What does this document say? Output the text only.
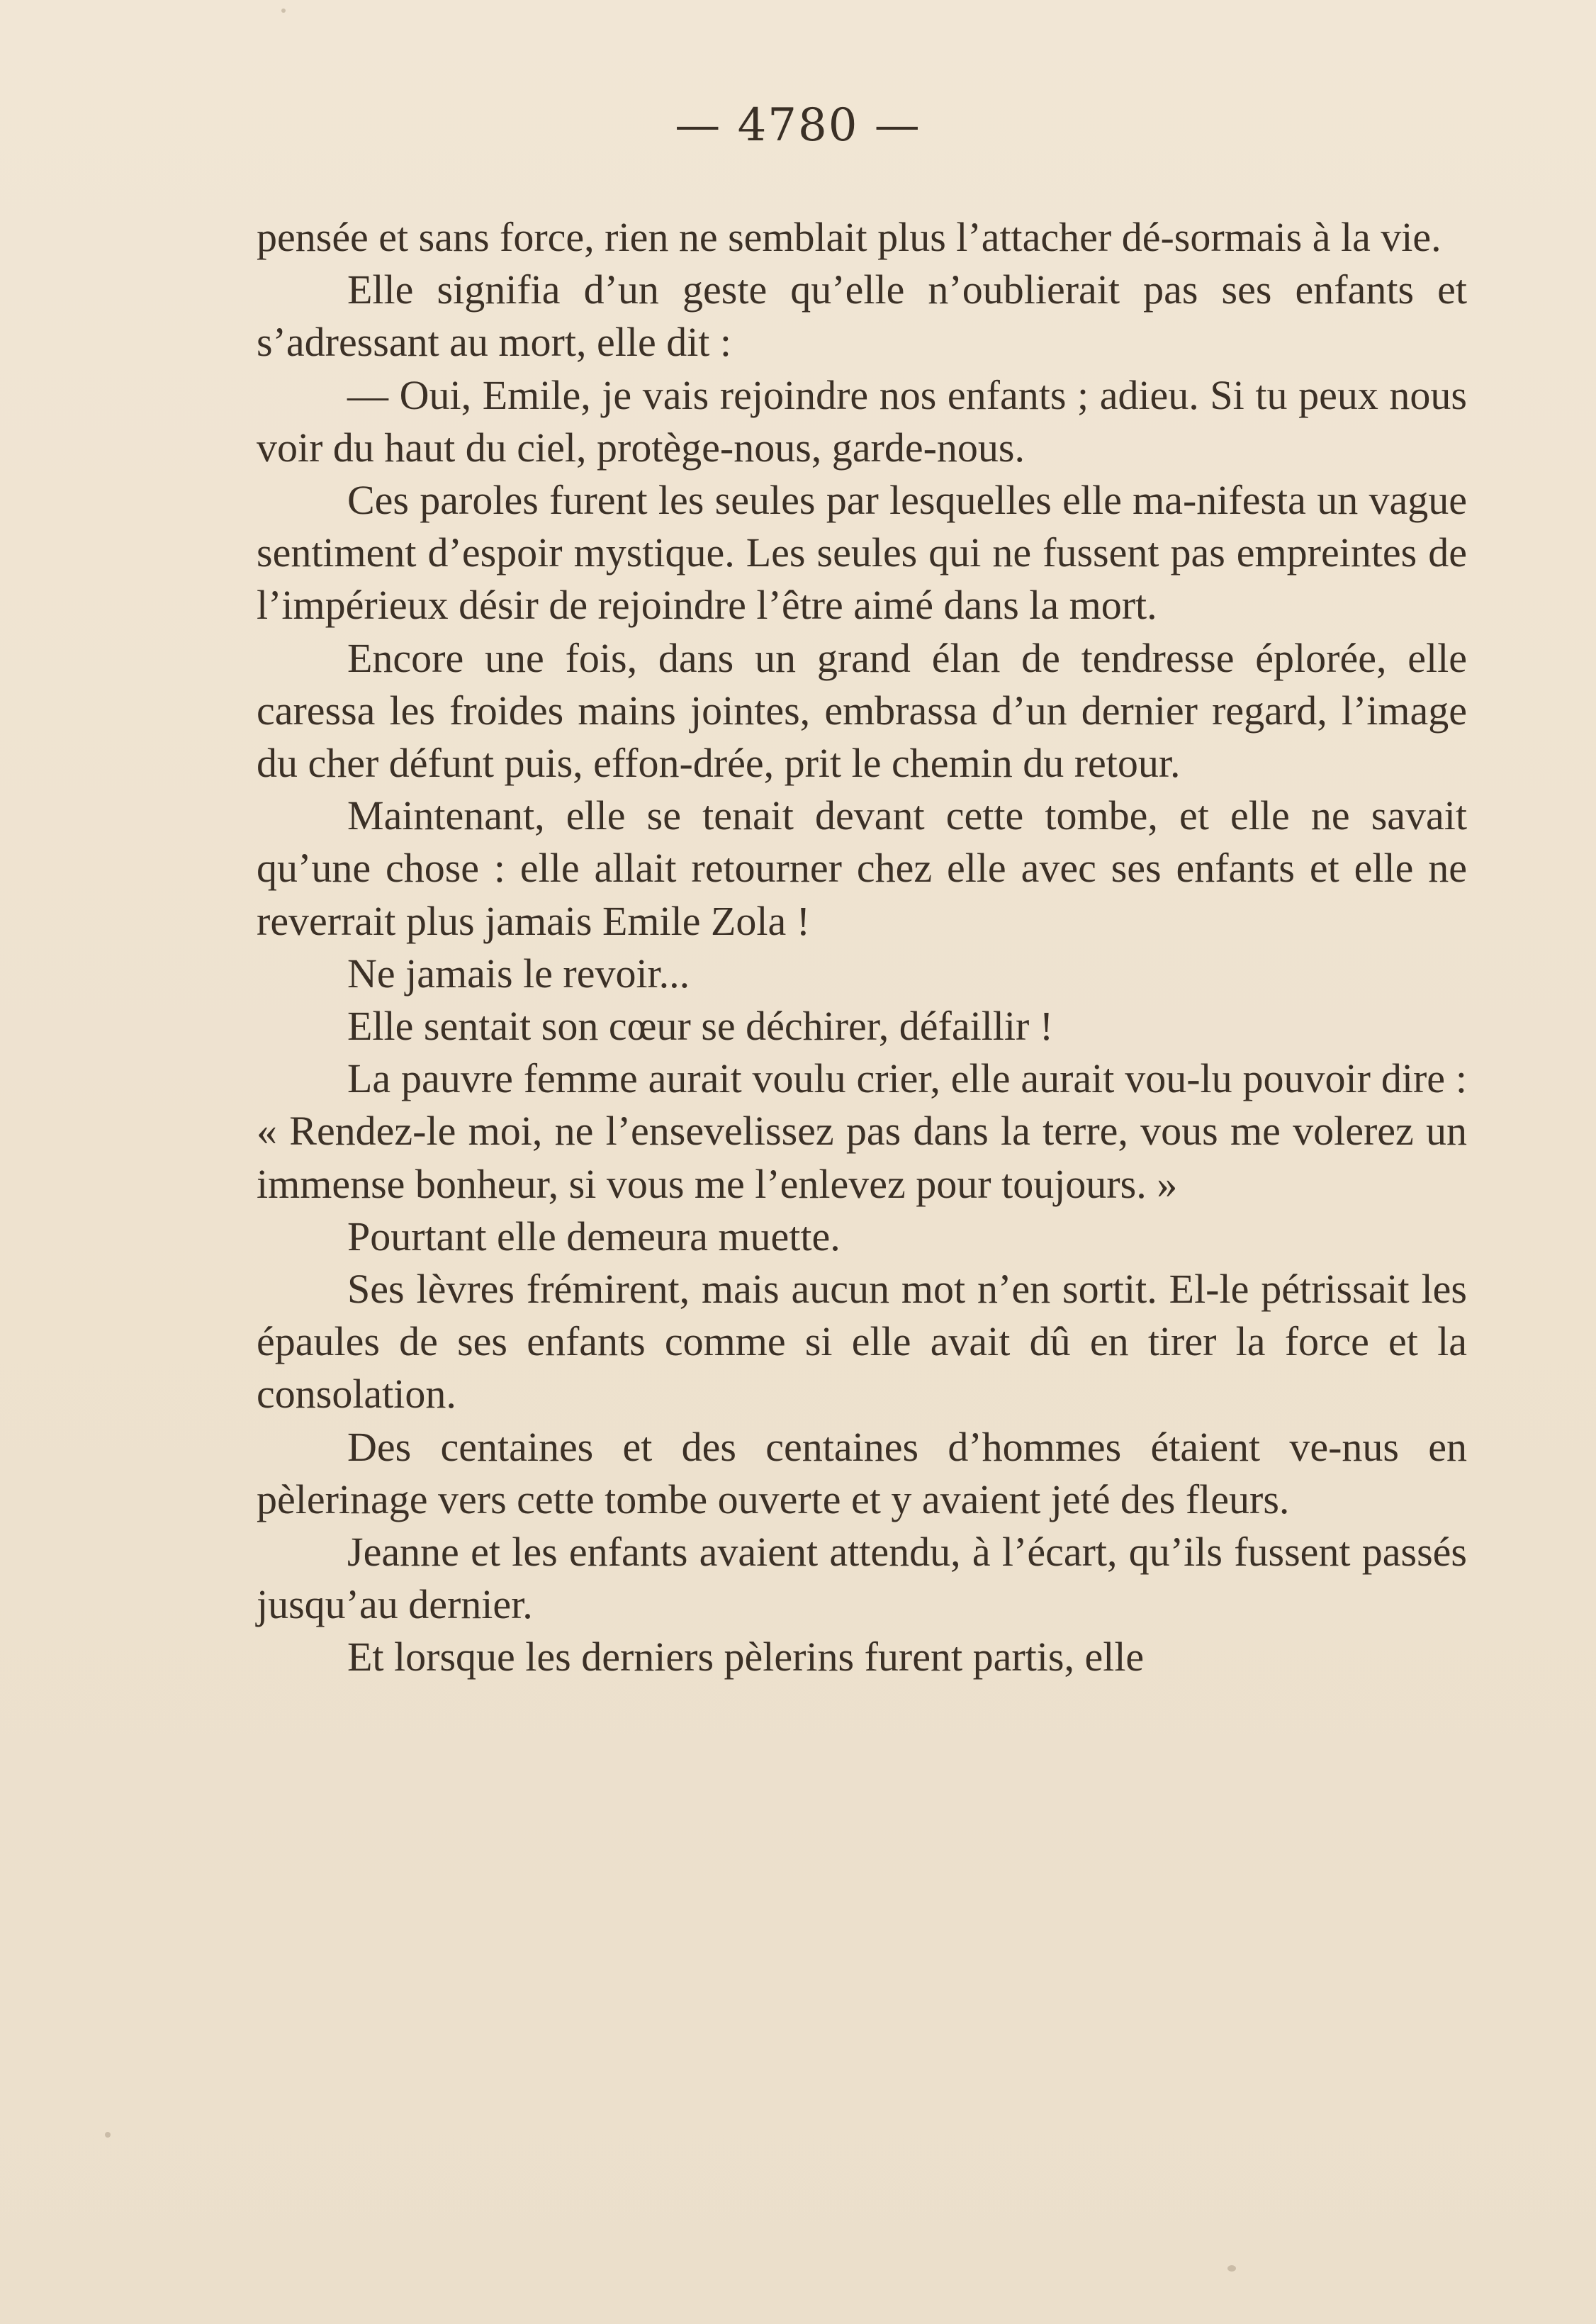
— 4780 —

pensée et sans force, rien ne semblait plus l’attacher dé-sormais à la vie.

Elle signifia d’un geste qu’elle n’oublierait pas ses enfants et s’adressant au mort, elle dit :

— Oui, Emile, je vais rejoindre nos enfants ; adieu. Si tu peux nous voir du haut du ciel, protège-nous, garde-nous.

Ces paroles furent les seules par lesquelles elle ma-nifesta un vague sentiment d’espoir mystique. Les seules qui ne fussent pas empreintes de l’impérieux désir de rejoindre l’être aimé dans la mort.

Encore une fois, dans un grand élan de tendresse éplorée, elle caressa les froides mains jointes, embrassa d’un dernier regard, l’image du cher défunt puis, effon-drée, prit le chemin du retour.

Maintenant, elle se tenait devant cette tombe, et elle ne savait qu’une chose : elle allait retourner chez elle avec ses enfants et elle ne reverrait plus jamais Emile Zola !

Ne jamais le revoir...

Elle sentait son cœur se déchirer, défaillir !

La pauvre femme aurait voulu crier, elle aurait vou-lu pouvoir dire : « Rendez-le moi, ne l’ensevelissez pas dans la terre, vous me volerez un immense bonheur, si vous me l’enlevez pour toujours. »

Pourtant elle demeura muette.

Ses lèvres frémirent, mais aucun mot n’en sortit. El-le pétrissait les épaules de ses enfants comme si elle avait dû en tirer la force et la consolation.

Des centaines et des centaines d’hommes étaient ve-nus en pèlerinage vers cette tombe ouverte et y avaient jeté des fleurs.

Jeanne et les enfants avaient attendu, à l’écart, qu’ils fussent passés jusqu’au dernier.

Et lorsque les derniers pèlerins furent partis, elle
